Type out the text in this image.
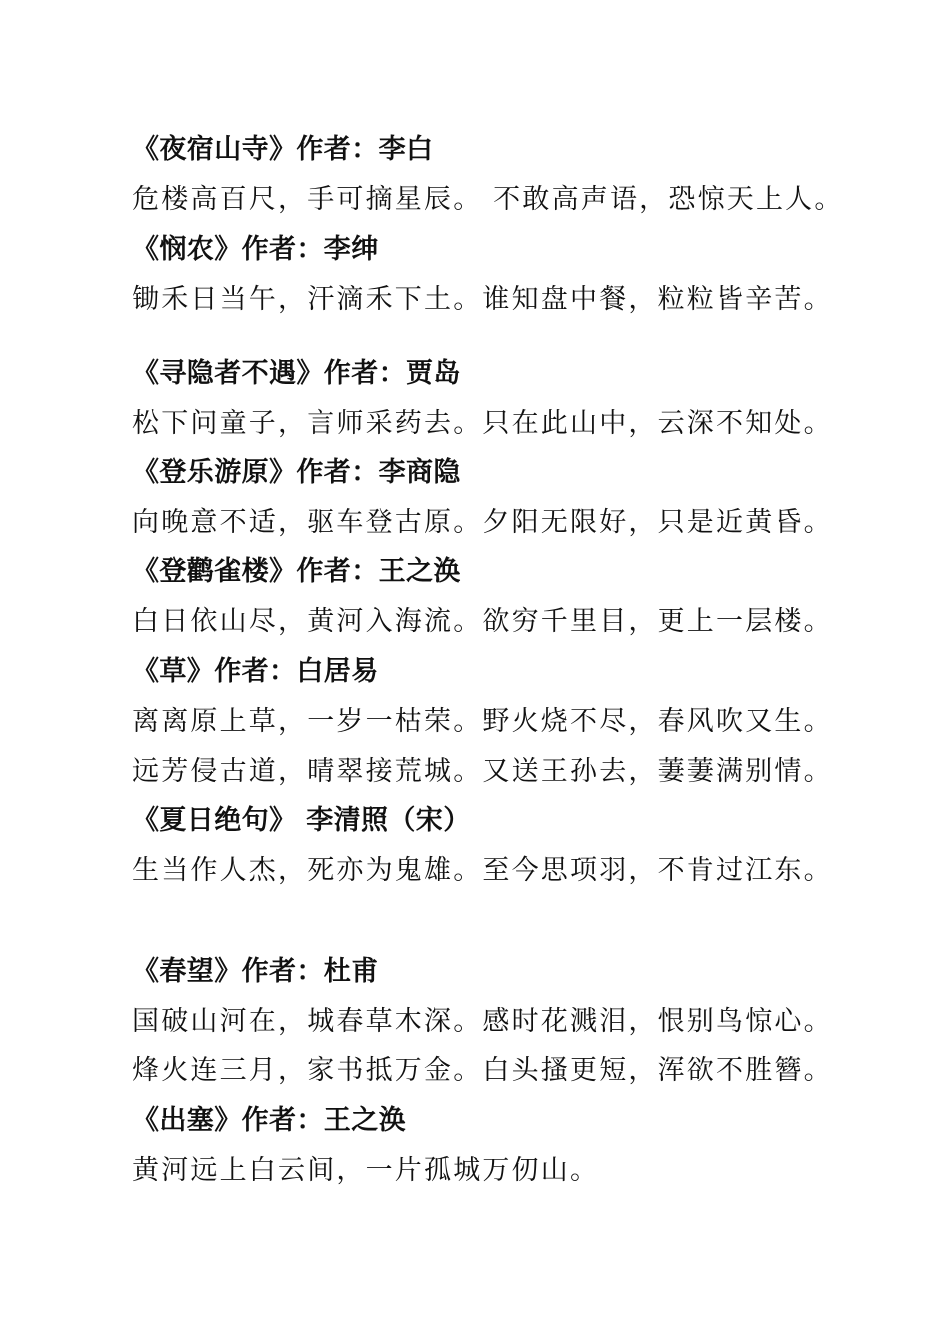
《夜宿山寺》作者：李白
危楼高百尺，手可摘星辰。 不敢高声语，恐惊天上人。
《悯农》作者：李绅
锄禾日当午，汗滴禾下土。谁知盘中餐，粒粒皆辛苦。
《寻隐者不遇》作者：贾岛
松下问童子，言师采药去。只在此山中，云深不知处。
《登乐游原》作者：李商隐
向晚意不适，驱车登古原。夕阳无限好，只是近黄昏。
《登鹳雀楼》作者：王之涣
白日依山尽，黄河入海流。欲穷千里目，更上一层楼。
《草》作者：白居易
离离原上草，一岁一枯荣。野火烧不尽，春风吹又生。
远芳侵古道，晴翠接荒城。又送王孙去，萋萋满别情。
《夏日绝句》 李清照（宋）
生当作人杰，死亦为鬼雄。至今思项羽，不肯过江东。
《春望》作者：杜甫
国破山河在，城春草木深。感时花溅泪，恨别鸟惊心。
烽火连三月，家书抵万金。白头搔更短，浑欲不胜簪。
《出塞》作者：王之涣
黄河远上白云间，一片孤城万仞山。
